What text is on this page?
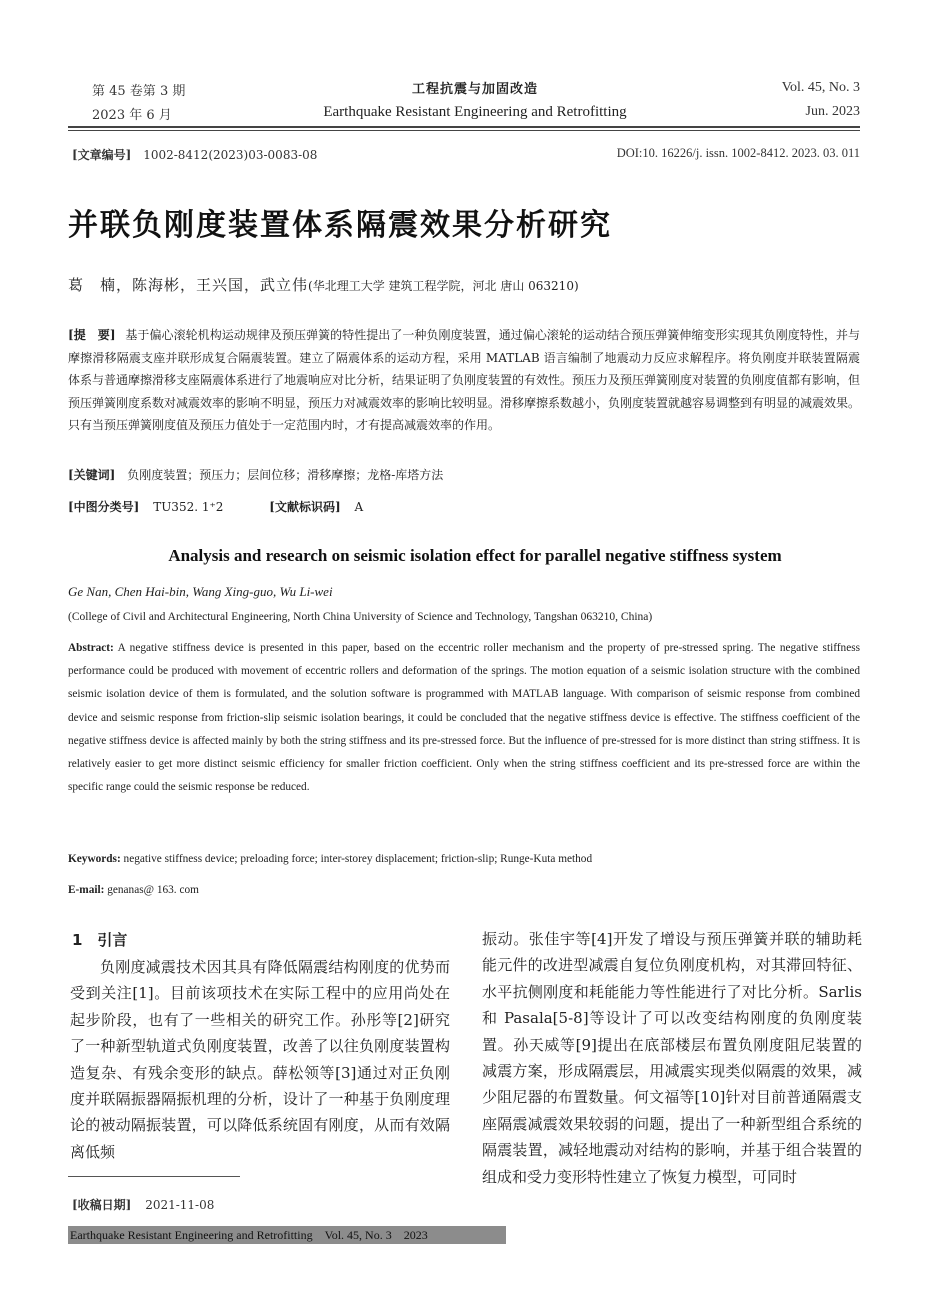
第 45 卷第 3 期
2023 年 6 月
工程抗震与加固改造
Earthquake Resistant Engineering and Retrofitting
Vol. 45, No. 3
Jun. 2023
[文章编号] 1002-8412(2023)03-0083-08	DOI:10. 16226/j. issn. 1002-8412. 2023. 03. 011
并联负刚度装置体系隔震效果分析研究
葛　楠，陈海彬，王兴国，武立伟(华北理工大学 建筑工程学院，河北 唐山 063210)
[提　要] 基于偏心滚轮机构运动规律及预压弹簧的特性提出了一种负刚度装置，通过偏心滚轮的运动结合预压弹簧伸缩变形实现其负刚度特性，并与摩擦滑移隔震支座并联形成复合隔震装置。建立了隔震体系的运动方程，采用 MATLAB 语言编制了地震动力反应求解程序。将负刚度并联装置隔震体系与普通摩擦滑移支座隔震体系进行了地震响应对比分析，结果证明了负刚度装置的有效性。预压力及预压弹簧刚度对装置的负刚度值都有影响，但预压弹簧刚度系数对减震效率的影响不明显，预压力对减震效率的影响比较明显。滑移摩擦系数越小，负刚度装置就越容易调整到有明显的减震效果。只有当预压弹簧刚度值及预压力值处于一定范围内时，才有提高减震效率的作用。
[关键词] 负刚度装置；预压力；层间位移；滑移摩擦；龙格-库塔方法
[中图分类号] TU352. 1⁺2	[文献标识码] A
Analysis and research on seismic isolation effect for parallel negative stiffness system
Ge Nan, Chen Hai-bin, Wang Xing-guo, Wu Li-wei
(College of Civil and Architectural Engineering, North China University of Science and Technology, Tangshan 063210, China)
Abstract: A negative stiffness device is presented in this paper, based on the eccentric roller mechanism and the property of pre-stressed spring. The negative stiffness performance could be produced with movement of eccentric rollers and deformation of the springs. The motion equation of a seismic isolation structure with the combined seismic isolation device of them is formulated, and the solution software is programmed with MATLAB language. With comparison of seismic response from combined device and seismic response from friction-slip seismic isolation bearings, it could be concluded that the negative stiffness device is effective. The stiffness coefficient of the negative stiffness device is affected mainly by both the string stiffness and its pre-stressed force. But the influence of pre-stressed for is more distinct than string stiffness. It is relatively easier to get more distinct seismic efficiency for smaller friction coefficient. Only when the string stiffness coefficient and its pre-stressed force are within the specific range could the seismic response be reduced.
Keywords: negative stiffness device; preloading force; inter-storey displacement; friction-slip; Runge-Kuta method
E-mail: genanas@ 163. com
1　引言
负刚度减震技术因其具有降低隔震结构刚度的优势而受到关注[1]。目前该项技术在实际工程中的应用尚处在起步阶段，也有了一些相关的研究工作。孙彤等[2]研究了一种新型轨道式负刚度装置，改善了以往负刚度装置构造复杂、有残余变形的缺点。薛松领等[3]通过对正负刚度并联隔振器隔振机理的分析，设计了一种基于负刚度理论的被动隔振装置，可以降低系统固有刚度，从而有效隔离低频
振动。张佳宇等[4]开发了增设与预压弹簧并联的辅助耗能元件的改进型减震自复位负刚度机构，对其滞回特征、水平抗侧刚度和耗能能力等性能进行了对比分析。Sarlis 和 Pasala[5-8]等设计了可以改变结构刚度的负刚度装置。孙天威等[9]提出在底部楼层布置负刚度阻尼装置的减震方案，形成隔震层，用减震实现类似隔震的效果，减少阻尼器的布置数量。何文福等[10]针对目前普通隔震支座隔震减震效果较弱的问题，提出了一种新型组合系统的隔震装置，减轻地震动对结构的影响，并基于组合装置的组成和受力变形特性建立了恢复力模型，可同时
[收稿日期] 2021-11-08
Earthquake Resistant Engineering and Retrofitting　Vol. 45, No. 3　2023
